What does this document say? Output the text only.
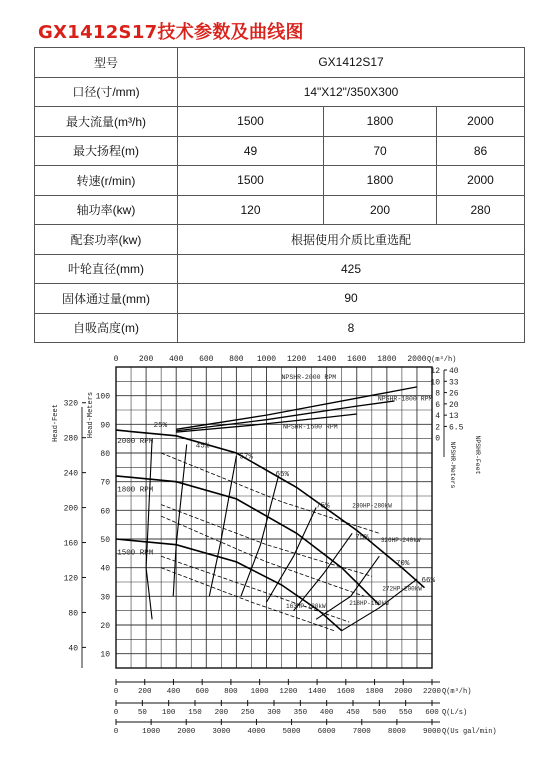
GX1412S17技术参数及曲线图
型号	GX1412S17		
口径(寸/mm)	14"X12"/350X300		
最大流量(m³/h)	1500	1800	2000
最大扬程(m)	49	70	86
转速(r/min)	1500	1800	2000
轴功率(kw)	120	200	280
配套功率(kw)	根据使用介质比重选配		
叶轮直径(mm)	425		
固体通过量(mm)	90		
自吸高度(m)	8		
0	200 400 600 800 1000 1200 1400 1600 1800 2000 Q(m³/h)
10
20
30
40
50
60
70
80
90
100
Head-Meters
40
80
120
160
200
240
280
320
Head-Feet
12
10
8
6
4
2
0
40
33
26
20
13
6.5
NPSHR-Meters	NPSHR-Feet
0	200 400 600 800 1000 1200 1400 1600 1800 2000 2200 Q(m³/h)
0	50 100 150 200 250 300 350 400 450 500 550 600 Q(L/s)
0	1000 2000 3000 4000 5000 6000 7000 8000 9000 Q(Us gal/min)
2000 RPM
1800 RPM
1500 RPM
25%
45%
57%
65%
75%
75%
70%
66%
280HP-280kW
326HP-240kW
272HP-200kW
218HP-160kW
163HP-120kW
NPSHR-2000 RPM
NPSHR-1800 RPM
NPSHR-1500 RPM
